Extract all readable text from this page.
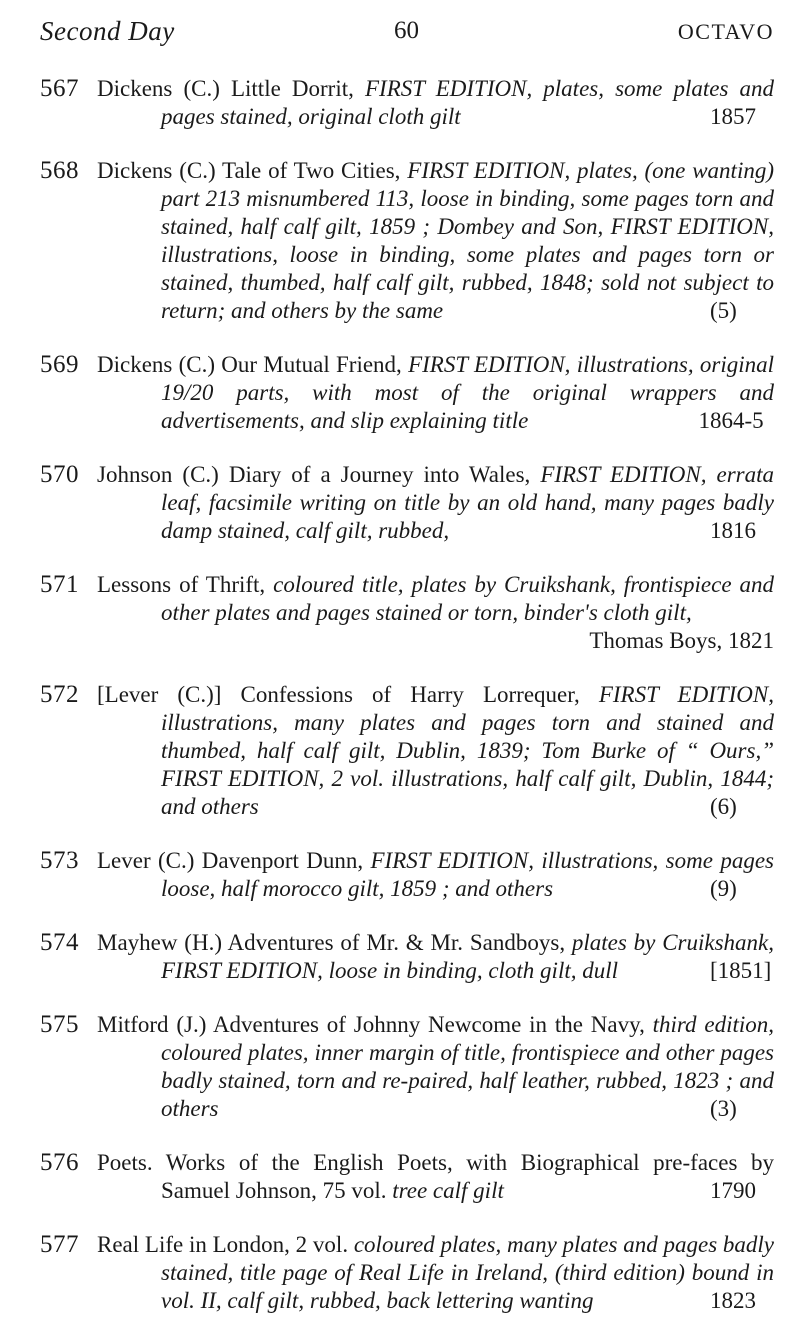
Second Day	60	OCTAVO
567 Dickens (C.) Little Dorrit, FIRST EDITION, plates, some plates and pages stained, original cloth gilt	1857
568 Dickens (C.) Tale of Two Cities, FIRST EDITION, plates, (one wanting) part 213 misnumbered 113, loose in binding, some pages torn and stained, half calf gilt, 1859 ; Dombey and Son, FIRST EDITION, illustrations, loose in binding, some plates and pages torn or stained, thumbed, half calf gilt, rubbed, 1848; sold not subject to return; and others by the same	(5)
569 Dickens (C.) Our Mutual Friend, FIRST EDITION, illustrations, original 19/20 parts, with most of the original wrappers and advertisements, and slip explaining title	1864-5
570 Johnson (C.) Diary of a Journey into Wales, FIRST EDITION, errata leaf, facsimile writing on title by an old hand, many pages badly damp stained, calf gilt, rubbed,	1816
571 Lessons of Thrift, coloured title, plates by Cruikshank, frontispiece and other plates and pages stained or torn, binder's cloth gilt,
Thomas Boys, 1821
572 [Lever (C.)] Confessions of Harry Lorrequer, FIRST EDITION, illustrations, many plates and pages torn and stained and thumbed, half calf gilt, Dublin, 1839; Tom Burke of “ Ours,” FIRST EDITION, 2 vol. illustrations, half calf gilt, Dublin, 1844; and others	(6)
573 Lever (C.) Davenport Dunn, FIRST EDITION, illustrations, some pages loose, half morocco gilt, 1859 ; and others	(9)
574 Mayhew (H.) Adventures of Mr. & Mr. Sandboys, plates by Cruikshank, FIRST EDITION, loose in binding, cloth gilt, dull	[1851]
575 Mitford (J.) Adventures of Johnny Newcome in the Navy, third edition, coloured plates, inner margin of title, frontispiece and other pages badly stained, torn and re-paired, half leather, rubbed, 1823 ; and others	(3)
576 Poets. Works of the English Poets, with Biographical pre-faces by Samuel Johnson, 75 vol. tree calf gilt	1790
577 Real Life in London, 2 vol. coloured plates, many plates and pages badly stained, title page of Real Life in Ireland, (third edition) bound in vol. II, calf gilt, rubbed, back lettering wanting	1823
